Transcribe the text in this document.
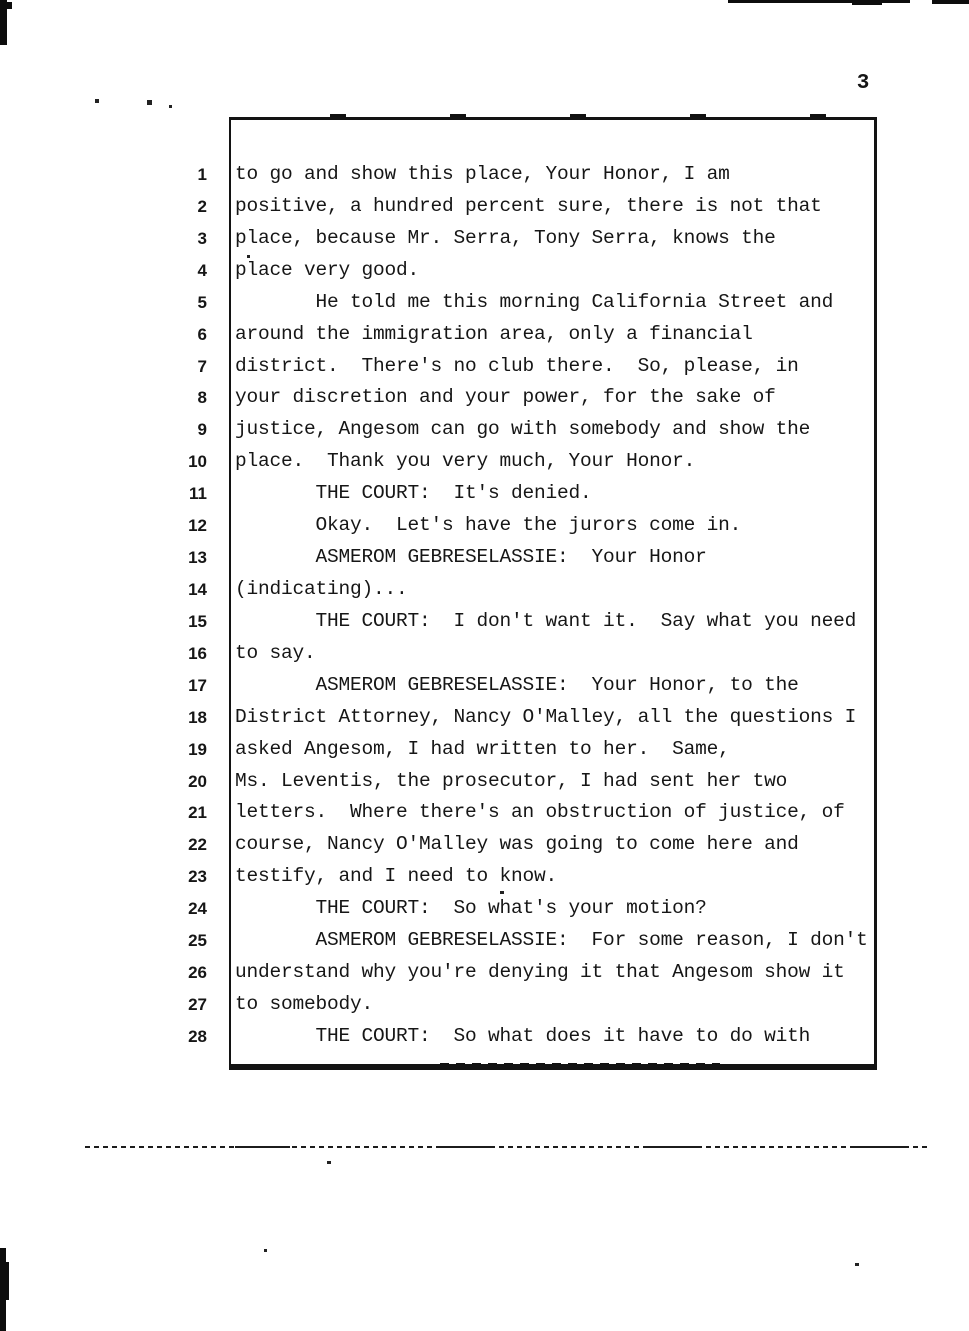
3
1 to go and show this place, Your Honor, I am
2 positive, a hundred percent sure, there is not that
3 place, because Mr. Serra, Tony Serra, knows the
4 place very good.
5 He told me this morning California Street and
6 around the immigration area, only a financial
7 district.  There's no club there.  So, please, in
8 your discretion and your power, for the sake of
9 justice, Angesom can go with somebody and show the
10 place.  Thank you very much, Your Honor.
11 THE COURT:  It's denied.
12 Okay.  Let's have the jurors come in.
13 ASMEROM GEBRESELASSIE:  Your Honor
14 (indicating)...
15 THE COURT:  I don't want it.  Say what you need
16 to say.
17 ASMEROM GEBRESELASSIE:  Your Honor, to the
18 District Attorney, Nancy O'Malley, all the questions I
19 asked Angesom, I had written to her.  Same,
20 Ms. Leventis, the prosecutor, I had sent her two
21 letters.  Where there's an obstruction of justice, of
22 course, Nancy O'Malley was going to come here and
23 testify, and I need to know.
24 THE COURT:  So what's your motion?
25 ASMEROM GEBRESELASSIE:  For some reason, I don't
26 understand why you're denying it that Angesom show it
27 to somebody.
28 THE COURT:  So what does it have to do with
